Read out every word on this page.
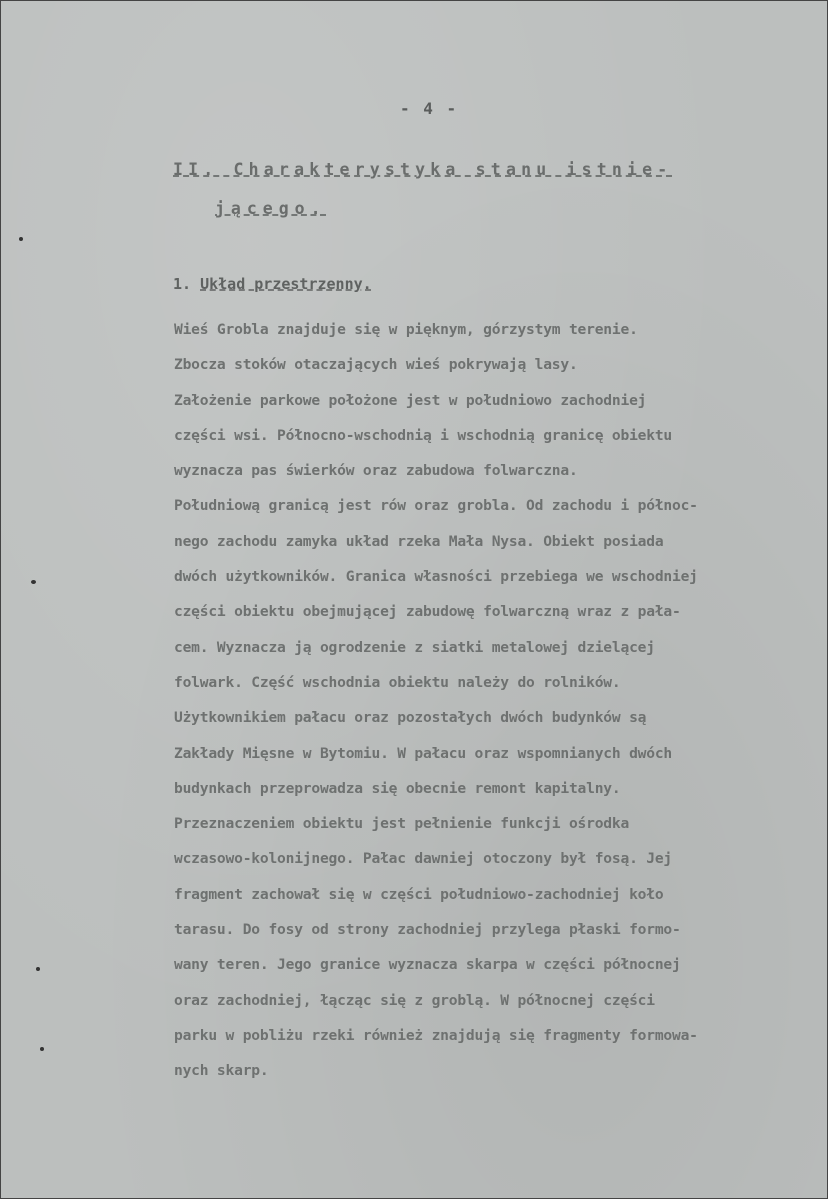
- 4 -
II. Charakterystyka stanu istnie-
jącego.
1. Układ przestrzenny.
Wieś Grobla znajduje się w pięknym, górzystym terenie.
Zbocza stoków otaczających wieś pokrywają lasy.
Założenie parkowe położone jest w południowo zachodniej
części wsi. Północno-wschodnią i wschodnią granicę obiektu
wyznacza pas świerków oraz zabudowa folwarczna.
Południową granicą jest rów oraz grobla. Od zachodu i północ-
nego zachodu zamyka układ rzeka Mała Nysa. Obiekt posiada
dwóch użytkowników. Granica własności przebiega we wschodniej
części obiektu obejmującej zabudowę folwarczną wraz z pała-
cem. Wyznacza ją ogrodzenie z siatki metalowej dzielącej
folwark. Część wschodnia obiektu należy do rolników.
Użytkownikiem pałacu oraz pozostałych dwóch budynków są
Zakłady Mięsne w Bytomiu. W pałacu oraz wspomnianych dwóch
budynkach przeprowadza się obecnie remont kapitalny.
Przeznaczeniem obiektu jest pełnienie funkcji ośrodka
wczasowo-kolonijnego. Pałac dawniej otoczony był fosą. Jej
fragment zachował się w części południowo-zachodniej koło
tarasu. Do fosy od strony zachodniej przylega płaski formo-
wany teren. Jego granice wyznacza skarpa w części północnej
oraz zachodniej, łącząc się z groblą. W północnej części
parku w pobliżu rzeki również znajdują się fragmenty formowa-
nych skarp.
